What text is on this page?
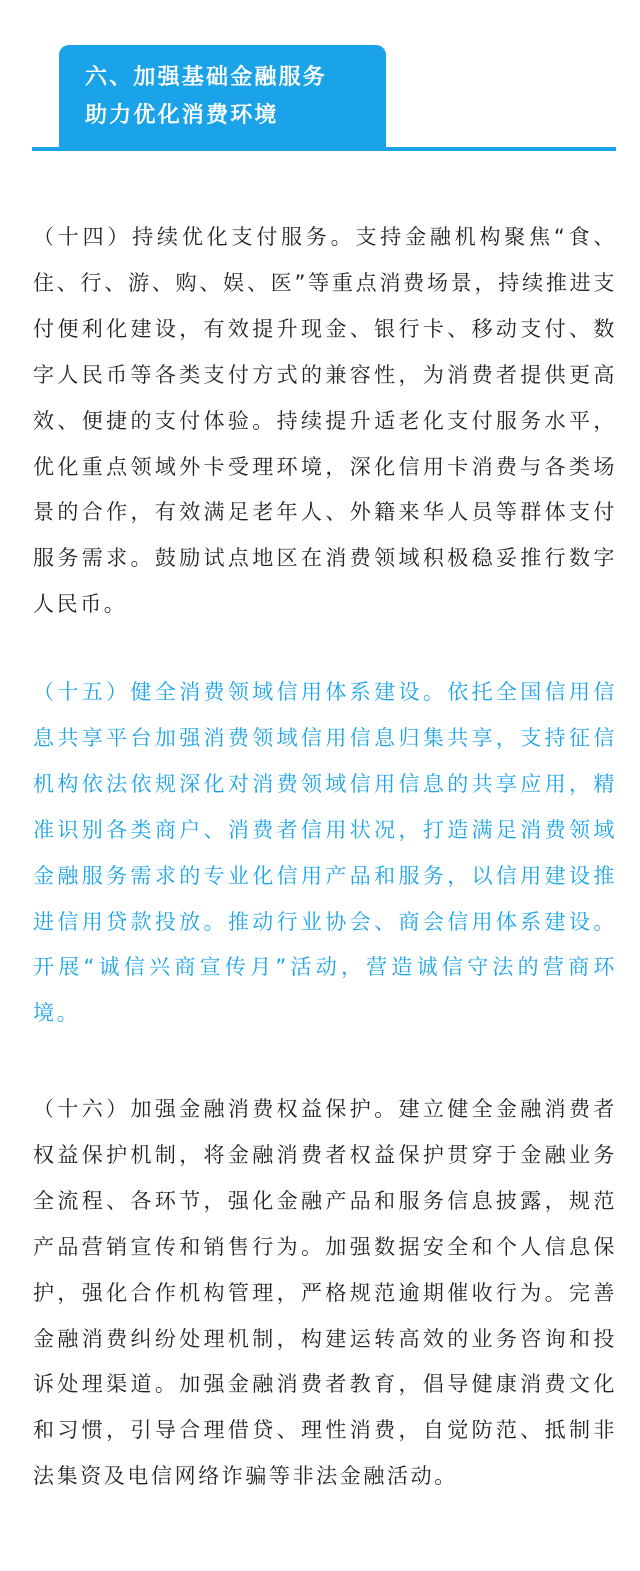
六、加强基础金融服务
助力优化消费环境

（十四）持续优化支付服务。支持金融机构聚焦“食、住、行、游、购、娱、医”等重点消费场景，持续推进支付便利化建设，有效提升现金、银行卡、移动支付、数字人民币等各类支付方式的兼容性，为消费者提供更高效、便捷的支付体验。持续提升适老化支付服务水平，优化重点领域外卡受理环境，深化信用卡消费与各类场景的合作，有效满足老年人、外籍来华人员等群体支付服务需求。鼓励试点地区在消费领域积极稳妥推行数字人民币。

（十五）健全消费领域信用体系建设。依托全国信用信息共享平台加强消费领域信用信息归集共享，支持征信机构依法依规深化对消费领域信用信息的共享应用，精准识别各类商户、消费者信用状况，打造满足消费领域金融服务需求的专业化信用产品和服务，以信用建设推进信用贷款投放。推动行业协会、商会信用体系建设。开展“诚信兴商宣传月”活动，营造诚信守法的营商环境。

（十六）加强金融消费权益保护。建立健全金融消费者权益保护机制，将金融消费者权益保护贯穿于金融业务全流程、各环节，强化金融产品和服务信息披露，规范产品营销宣传和销售行为。加强数据安全和个人信息保护，强化合作机构管理，严格规范逾期催收行为。完善金融消费纠纷处理机制，构建运转高效的业务咨询和投诉处理渠道。加强金融消费者教育，倡导健康消费文化和习惯，引导合理借贷、理性消费，自觉防范、抵制非法集资及电信网络诈骗等非法金融活动。
